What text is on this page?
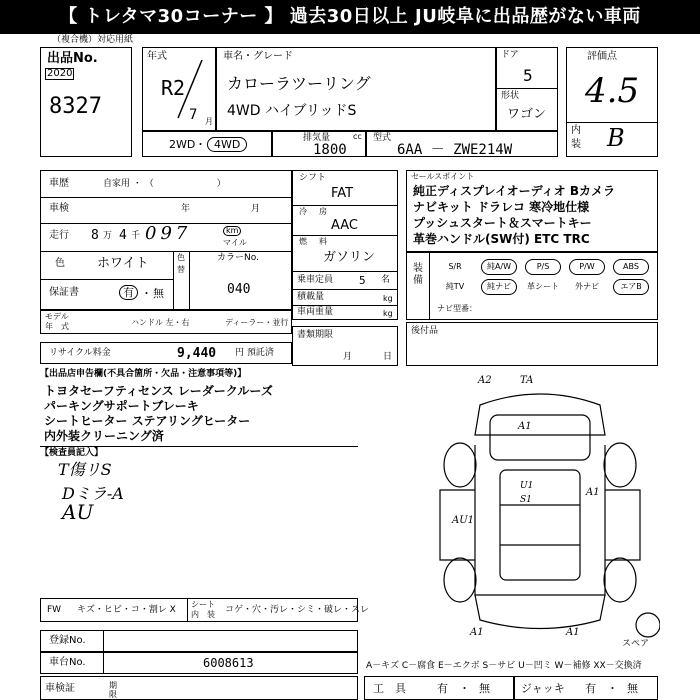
【 トレタマ30コーナー 】 過去30日以上 JU岐阜に出品歴がない車両
（複合機）対応用紙
出品No.
2020
8327
年式
R2
7 月
車名・グレード
カローラツーリング
4WD ハイブリッドS
ドア
5
形状
ワゴン
評価点
4.5
内
装 B
2WD ・ 4WD	排気量	cc
1800
型式
6AA － ZWE214W
車歴	自家用 ・ （　　　　　　　）
車検	年	月
走行 8 万 4 千 097	km
マイル
色 ホワイト	色
替
カラーNo.
040
保証書	有 ・ 無
モデル
年　式	ハンドル 左・右	ディーラー・並行
リサイクル料金	9,440 円 預託済
シフト
FAT
冷 房
AAC
燃 料
ガソリン
乗車定員 5 名
積載量	kg
車両重量	kg
書類期限
月	日
セールスポイント
純正ディスプレイオーディオ Bカメラ
ナビキット ドラレコ 寒冷地仕様
プッシュスタート＆スマートキー
革巻ハンドル(SW付) ETC TRC
装備
S/R	純A/W	P/S	P/W	ABS
純TV	純ナビ	革シート	外ナビ	エアB
ナビ型番：
後付品
【出品店申告欄(不具合箇所・欠品・注意事項等)】
トヨタセーフティセンス レーダークルーズ
パーキングサポートブレーキ
シートヒーター ステアリングヒーター
内外装クリーニング済
【検査員記入】
T傷リS
Dミラ-A
AU
A2	TA
A1
U1
S1
A1
AU1
A1	A1
スペア
FW キズ・ヒビ・コ・割レ X
シート
内　装 コゲ・穴・汚レ・シミ・破レ・スレ
登録No.
車台No.	6008613
車検証	期限
A－キズ C－腐食 E－エクボ S－サビ U－凹ミ W－補修 XX－交換済
工　具	有 ・ 無	ジャッキ 有 ・ 無
